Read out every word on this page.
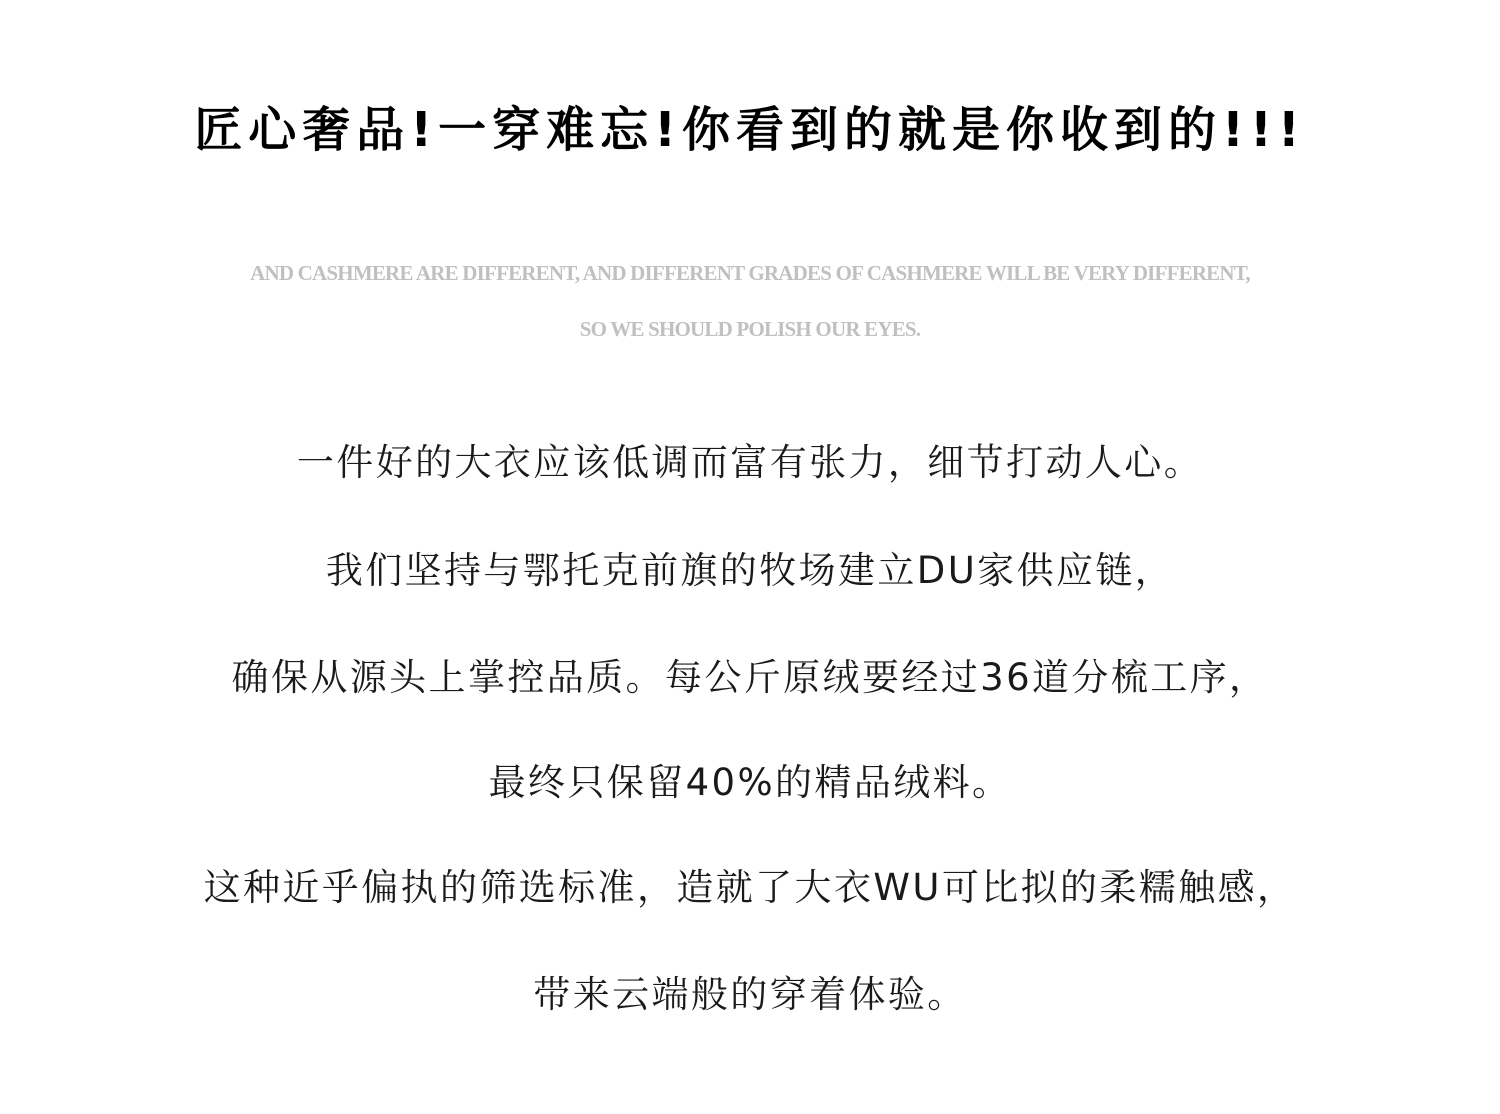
匠心奢品!一穿难忘!你看到的就是你收到的!!!

AND CASHMERE ARE DIFFERENT, AND DIFFERENT GRADES OF CASHMERE WILL BE VERY DIFFERENT,

SO WE SHOULD POLISH OUR EYES.

一件好的大衣应该低调而富有张力，细节打动人心。

我们坚持与鄂托克前旗的牧场建立DU家供应链，

确保从源头上掌控品质。每公斤原绒要经过36道分梳工序，

最终只保留40%的精品绒料。

这种近乎偏执的筛选标准，造就了大衣WU可比拟的柔糯触感，

带来云端般的穿着体验。
